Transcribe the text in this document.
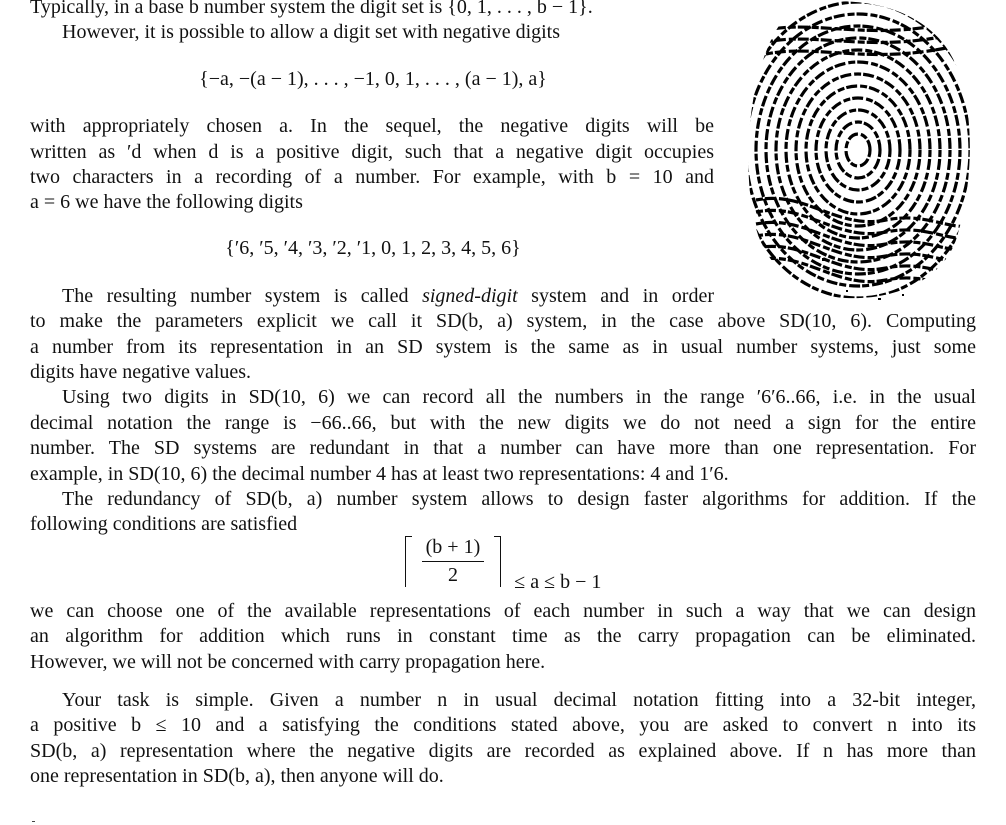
Typically, in a base b number system the digit set is {0, 1, . . . , b − 1}.
However, it is possible to allow a digit set with negative digits
{−a, −(a − 1), . . . , −1, 0, 1, . . . , (a − 1), a}
with appropriately chosen a. In the sequel, the negative digits will be
written as ′d when d is a positive digit, such that a negative digit occupies
two characters in a recording of a number. For example, with b = 10 and
a = 6 we have the following digits
{′6, ′5, ′4, ′3, ′2, ′1, 0, 1, 2, 3, 4, 5, 6}
The resulting number system is called signed-digit system and in order
to make the parameters explicit we call it SD(b, a) system, in the case above SD(10, 6). Computing
a number from its representation in an SD system is the same as in usual number systems, just some
digits have negative values.
Using two digits in SD(10, 6) we can record all the numbers in the range ′6′6..66, i.e. in the usual
decimal notation the range is −66..66, but with the new digits we do not need a sign for the entire
number. The SD systems are redundant in that a number can have more than one representation. For
example, in SD(10, 6) the decimal number 4 has at least two representations: 4 and 1′6.
The redundancy of SD(b, a) number system allows to design faster algorithms for addition. If the
following conditions are satisfied
$\frac{(b + 1)}{2} \le a \le b - 1$
we can choose one of the available representations of each number in such a way that we can design
an algorithm for addition which runs in constant time as the carry propagation can be eliminated.
However, we will not be concerned with carry propagation here.
Your task is simple. Given a number n in usual decimal notation fitting into a 32-bit integer,
a positive b ≤ 10 and a satisfying the conditions stated above, you are asked to convert n into its
SD(b, a) representation where the negative digits are recorded as explained above. If n has more than
one representation in SD(b, a), then anyone will do.
